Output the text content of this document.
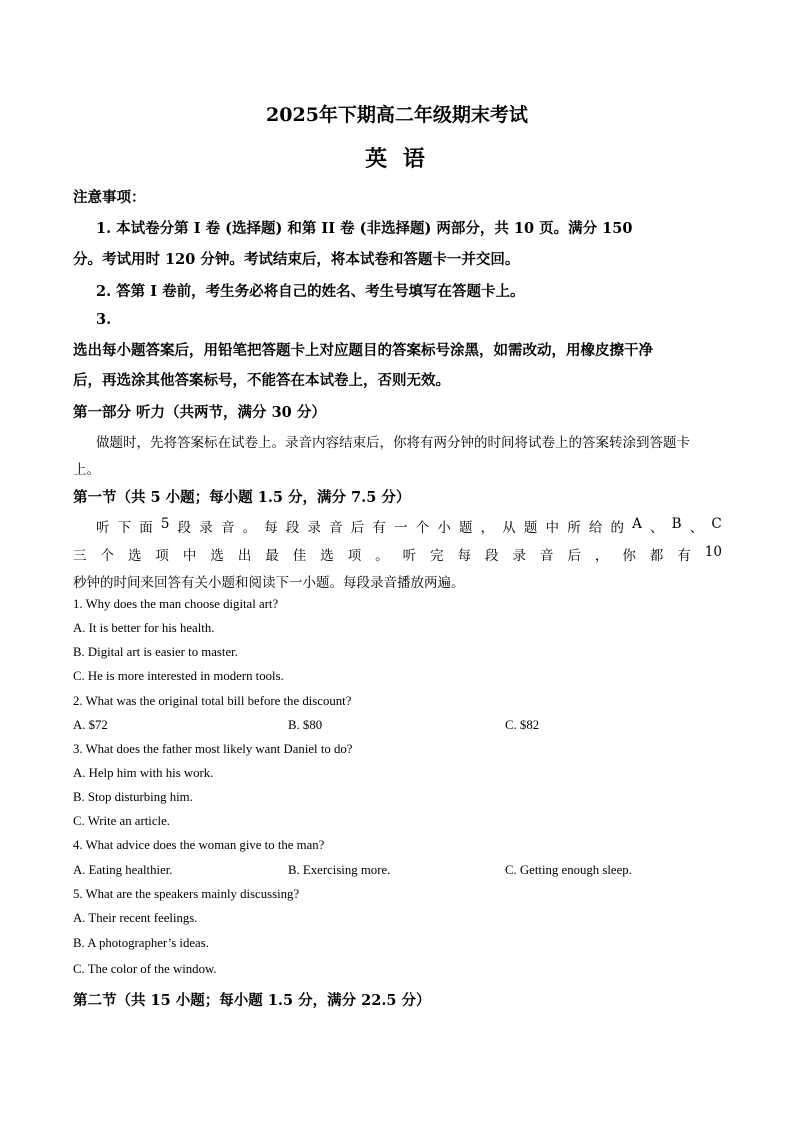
2025年下期高二年级期末考试
英 语
注意事项：
1. 本试卷分第 I 卷 (选择题) 和第 II 卷 (非选择题) 两部分，共 10 页。满分 150
分。考试用时 120 分钟。考试结束后，将本试卷和答题卡一并交回。
2. 答第 I 卷前，考生务必将自己的姓名、考生号填写在答题卡上。
3.
选出每小题答案后，用铅笔把答题卡上对应题目的答案标号涂黑，如需改动，用橡皮擦干净
后，再选涂其他答案标号，不能答在本试卷上，否则无效。
第一部分 听力（共两节，满分 30 分）
做题时，先将答案标在试卷上。录音内容结束后，你将有两分钟的时间将试卷上的答案转涂到答题卡
上。
第一节（共 5 小题；每小题 1.5 分，满分 7.5 分）
听 下 面 5 段 录 音 。 每 段 录 音 后 有 一 个 小 题 ， 从 题 中 所 给 的 A 、 B 、 C
三 个 选 项 中 选 出 最 佳 选 项 。 听 完 每 段 录 音 后 ， 你 都 有 10
秒钟的时间来回答有关小题和阅读下一小题。每段录音播放两遍。
1. Why does the man choose digital art?
A. It is better for his health.
B. Digital art is easier to master.
C. He is more interested in modern tools.
2. What was the original total bill before the discount?
A. $72	B. $80	C. $82
3. What does the father most likely want Daniel to do?
A. Help him with his work.
B. Stop disturbing him.
C. Write an article.
4. What advice does the woman give to the man?
A. Eating healthier.	B. Exercising more.	C. Getting enough sleep.
5. What are the speakers mainly discussing?
A. Their recent feelings.
B. A photographer’s ideas.
C. The color of the window.
第二节（共 15 小题；每小题 1.5 分，满分 22.5 分）
